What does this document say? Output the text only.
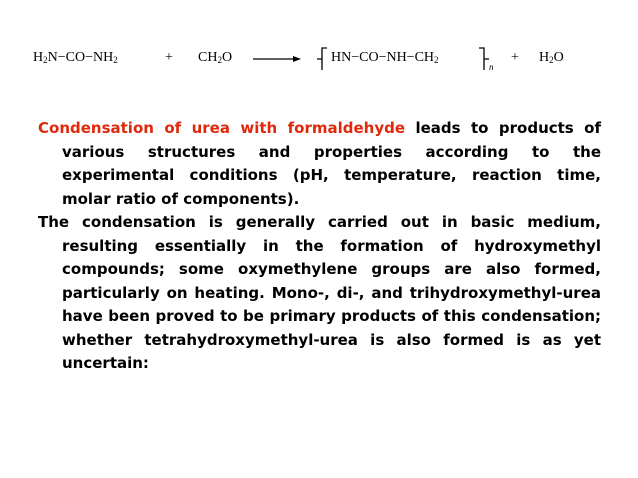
$H_2N-CO-NH_2$	+ $CH_2O \to HN-CO-NH-CH_2$
n
+ $H_2O$

Condensation of urea with formaldehyde leads to products of various structures and properties according to the experimental conditions (pH, temperature, reaction time, molar ratio of components).

The condensation is generally carried out in basic medium, resulting essentially in the formation of hydroxymethyl compounds; some oxymethylene groups are also formed, particularly on heating. Mono-, di-, and trihydroxymethyl-urea have been proved to be primary products of this condensation; whether tetrahydroxymethyl-urea is also formed is as yet uncertain:
